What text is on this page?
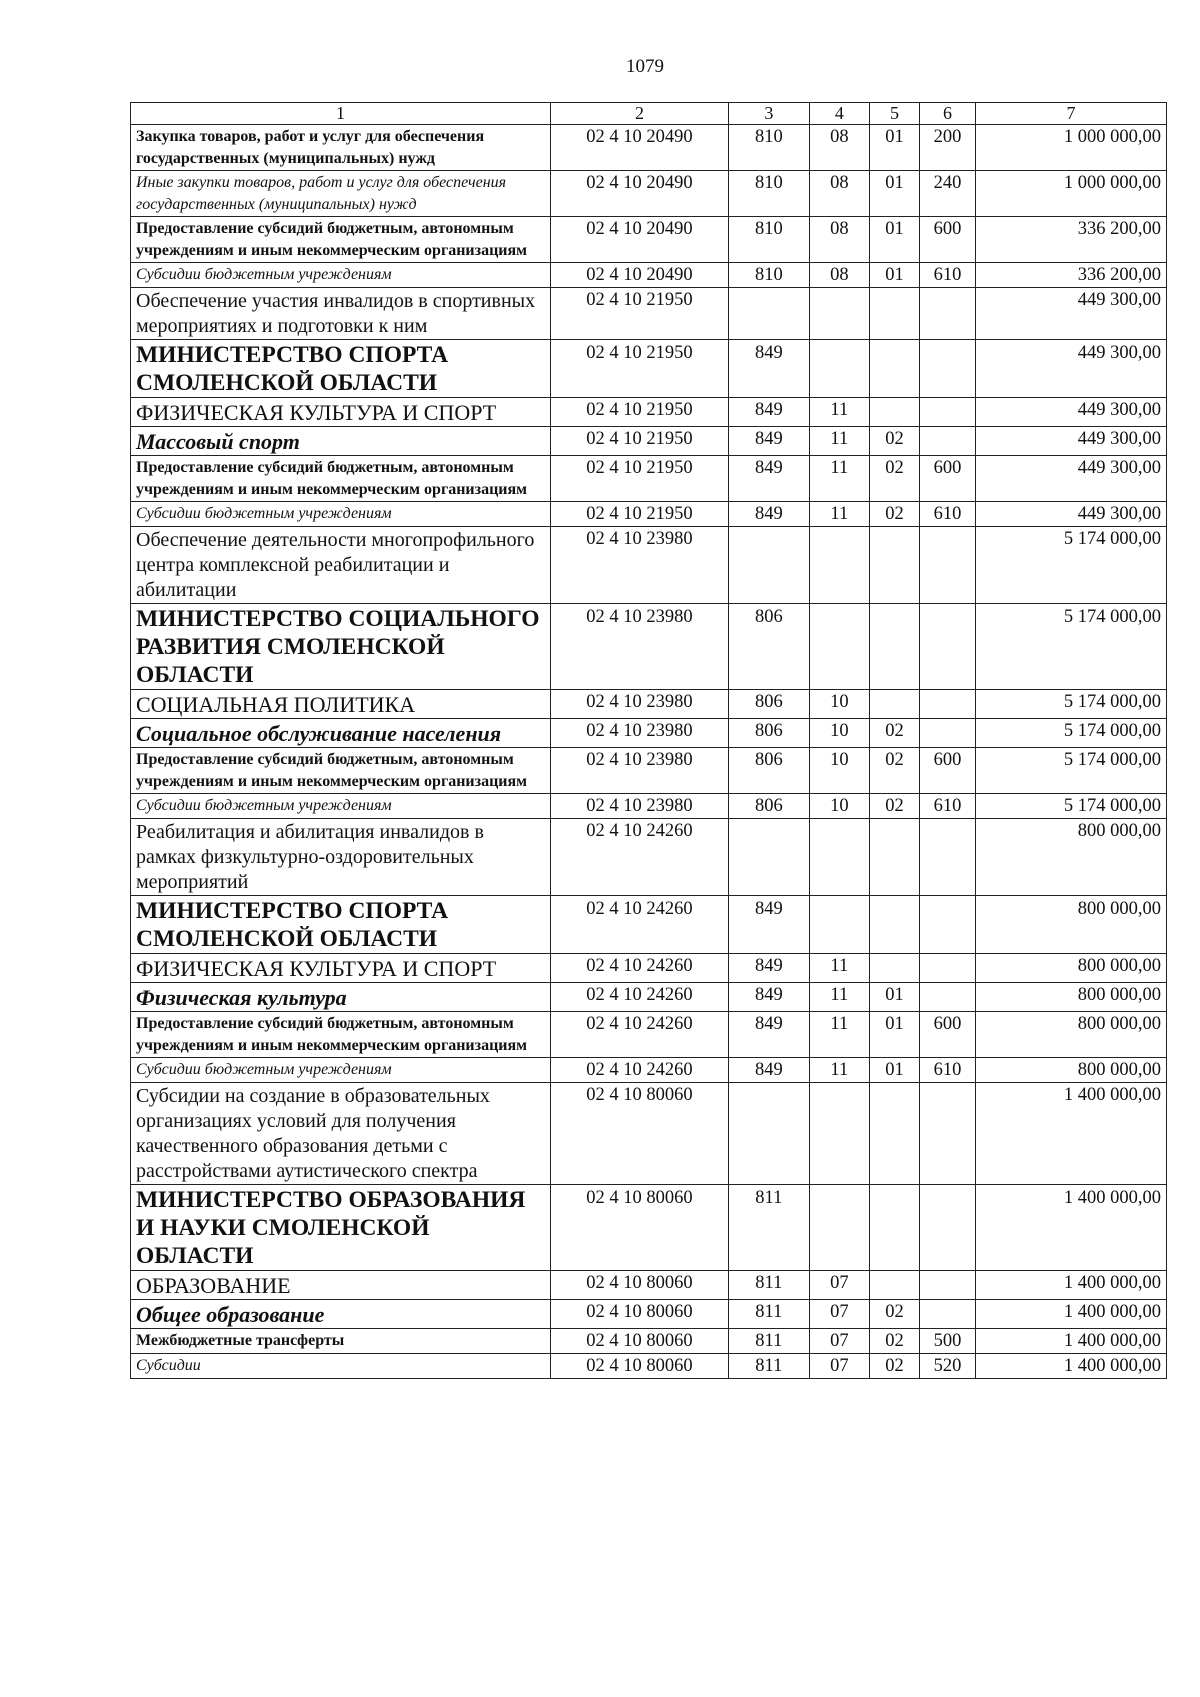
1079
1	2	3	4	5	6	7
Закупка товаров, работ и услуг для обеспечения государственных (муниципальных) нужд	02 4 10 20490	810	08	01	200	1 000 000,00
Иные закупки товаров, работ и услуг для обеспечения государственных (муниципальных) нужд	02 4 10 20490	810	08	01	240	1 000 000,00
Предоставление субсидий бюджетным, автономным учреждениям и иным некоммерческим организациям	02 4 10 20490	810	08	01	600	336 200,00
Субсидии бюджетным учреждениям	02 4 10 20490	810	08	01	610	336 200,00
Обеспечение участия инвалидов в спортивных мероприятиях и подготовки к ним	02 4 10 21950					449 300,00
МИНИСТЕРСТВО СПОРТА СМОЛЕНСКОЙ ОБЛАСТИ	02 4 10 21950	849				449 300,00
ФИЗИЧЕСКАЯ КУЛЬТУРА И СПОРТ	02 4 10 21950	849	11			449 300,00
Массовый спорт	02 4 10 21950	849	11	02		449 300,00
Предоставление субсидий бюджетным, автономным учреждениям и иным некоммерческим организациям	02 4 10 21950	849	11	02	600	449 300,00
Субсидии бюджетным учреждениям	02 4 10 21950	849	11	02	610	449 300,00
Обеспечение деятельности многопрофильного центра комплексной реабилитации и абилитации	02 4 10 23980					5 174 000,00
МИНИСТЕРСТВО СОЦИАЛЬНОГО РАЗВИТИЯ СМОЛЕНСКОЙ ОБЛАСТИ	02 4 10 23980	806				5 174 000,00
СОЦИАЛЬНАЯ ПОЛИТИКА	02 4 10 23980	806	10			5 174 000,00
Социальное обслуживание населения	02 4 10 23980	806	10	02		5 174 000,00
Предоставление субсидий бюджетным, автономным учреждениям и иным некоммерческим организациям	02 4 10 23980	806	10	02	600	5 174 000,00
Субсидии бюджетным учреждениям	02 4 10 23980	806	10	02	610	5 174 000,00
Реабилитация и абилитация инвалидов в рамках физкультурно-оздоровительных мероприятий	02 4 10 24260					800 000,00
МИНИСТЕРСТВО СПОРТА СМОЛЕНСКОЙ ОБЛАСТИ	02 4 10 24260	849				800 000,00
ФИЗИЧЕСКАЯ КУЛЬТУРА И СПОРТ	02 4 10 24260	849	11			800 000,00
Физическая культура	02 4 10 24260	849	11	01		800 000,00
Предоставление субсидий бюджетным, автономным учреждениям и иным некоммерческим организациям	02 4 10 24260	849	11	01	600	800 000,00
Субсидии бюджетным учреждениям	02 4 10 24260	849	11	01	610	800 000,00
Субсидии на создание в образовательных организациях условий для получения качественного образования детьми с расстройствами аутистического спектра	02 4 10 80060					1 400 000,00
МИНИСТЕРСТВО ОБРАЗОВАНИЯ И НАУКИ СМОЛЕНСКОЙ ОБЛАСТИ	02 4 10 80060	811				1 400 000,00
ОБРАЗОВАНИЕ	02 4 10 80060	811	07			1 400 000,00
Общее образование	02 4 10 80060	811	07	02		1 400 000,00
Межбюджетные трансферты	02 4 10 80060	811	07	02	500	1 400 000,00
Субсидии	02 4 10 80060	811	07	02	520	1 400 000,00
